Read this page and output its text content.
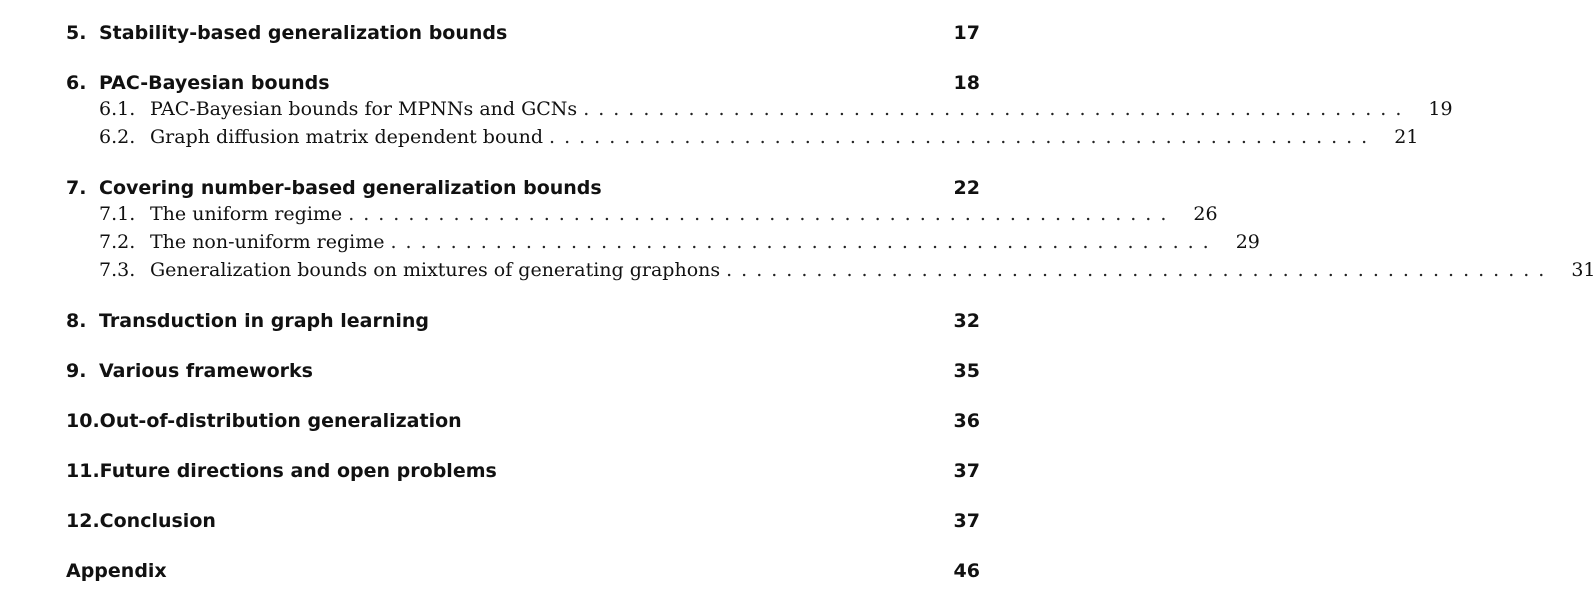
5. Stability-based generalization bounds	17
6. PAC-Bayesian bounds	18
6.1. PAC-Bayesian bounds for MPNNs and GCNs ....................................................... 19
6.2. Graph diffusion matrix dependent bound ....................................................... 21
7. Covering number-based generalization bounds	22
7.1. The uniform regime ....................................................... 26
7.2. The non-uniform regime ....................................................... 29
7.3. Generalization bounds on mixtures of generating graphons ....................................................... 31
8. Transduction in graph learning	32
9. Various frameworks	35
10. Out-of-distribution generalization	36
11. Future directions and open problems	37
12. Conclusion	37
Appendix	46
